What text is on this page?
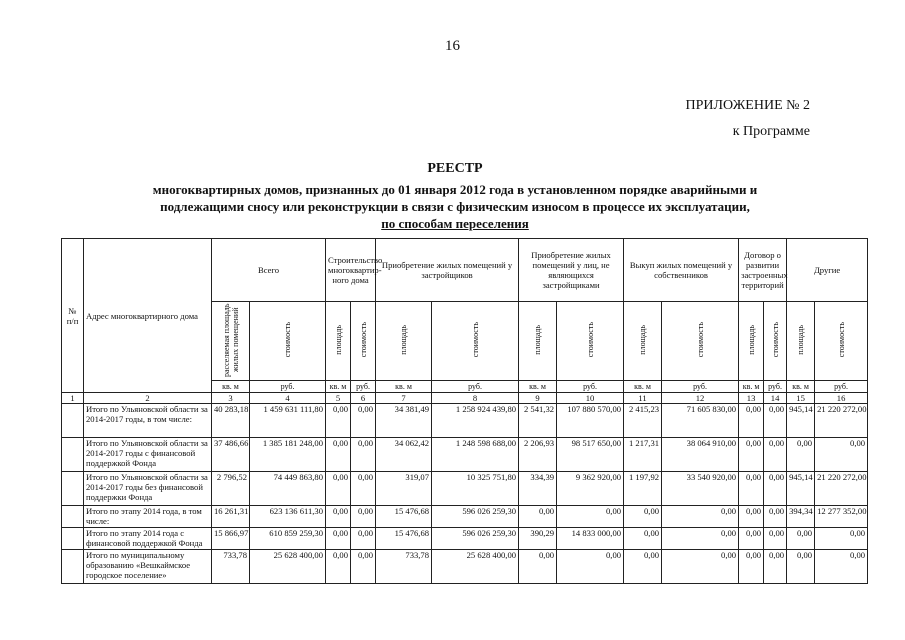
16
ПРИЛОЖЕНИЕ № 2
к Программе
РЕЕСТР
многоквартирных домов, признанных до 01 января 2012 года в установленном порядке аварийными и
подлежащими сносу или реконструкции в связи с физическим износом в процессе их эксплуатации,
по способам переселения
№ п/п	Адрес многоквартирного дома	Всего		Строительство многоквартир-ного дома		Приобретение жилых помещений у застройщиков		Приобретение жилых помещений у лиц, не являющихся застройщиками		Выкуп жилых помещений у собственников		Договор о развитии застроенных территорий		Другие	
		расселяемая площадь жилых помещений	стоимость	площадь	стоимость	площадь	стоимость	площадь	стоимость	площадь	стоимость	площадь	стоимость	площадь	стоимость
		кв. м	руб.	кв. м	руб.	кв. м	руб.	кв. м	руб.	кв. м	руб.	кв. м	руб.	кв. м	руб.
1	2	3	4	5	6	7	8	9	10	11	12	13	14	15	16
	Итого по Ульяновской области за 2014-2017 годы, в том числе:	40 283,18	1 459 631 111,80	0,00	0,00	34 381,49	1 258 924 439,80	2 541,32	107 880 570,00	2 415,23	71 605 830,00	0,00	0,00	945,14	21 220 272,00
	Итого по Ульяновской области за 2014-2017 годы с финансовой поддержкой Фонда	37 486,66	1 385 181 248,00	0,00	0,00	34 062,42	1 248 598 688,00	2 206,93	98 517 650,00	1 217,31	38 064 910,00	0,00	0,00	0,00	0,00
	Итого по Ульяновской области за 2014-2017 годы без финансовой поддержки Фонда	2 796,52	74 449 863,80	0,00	0,00	319,07	10 325 751,80	334,39	9 362 920,00	1 197,92	33 540 920,00	0,00	0,00	945,14	21 220 272,00
	Итого по этапу 2014 года, в том числе:	16 261,31	623 136 611,30	0,00	0,00	15 476,68	596 026 259,30	0,00	0,00	0,00	0,00	0,00	0,00	394,34	12 277 352,00
	Итого по этапу 2014 года с финансовой поддержкой Фонда	15 866,97	610 859 259,30	0,00	0,00	15 476,68	596 026 259,30	390,29	14 833 000,00	0,00	0,00	0,00	0,00	0,00	0,00
	Итого по муниципальному образованию «Вешкаймское городское поселение»	733,78	25 628 400,00	0,00	0,00	733,78	25 628 400,00	0,00	0,00	0,00	0,00	0,00	0,00	0,00	0,00
